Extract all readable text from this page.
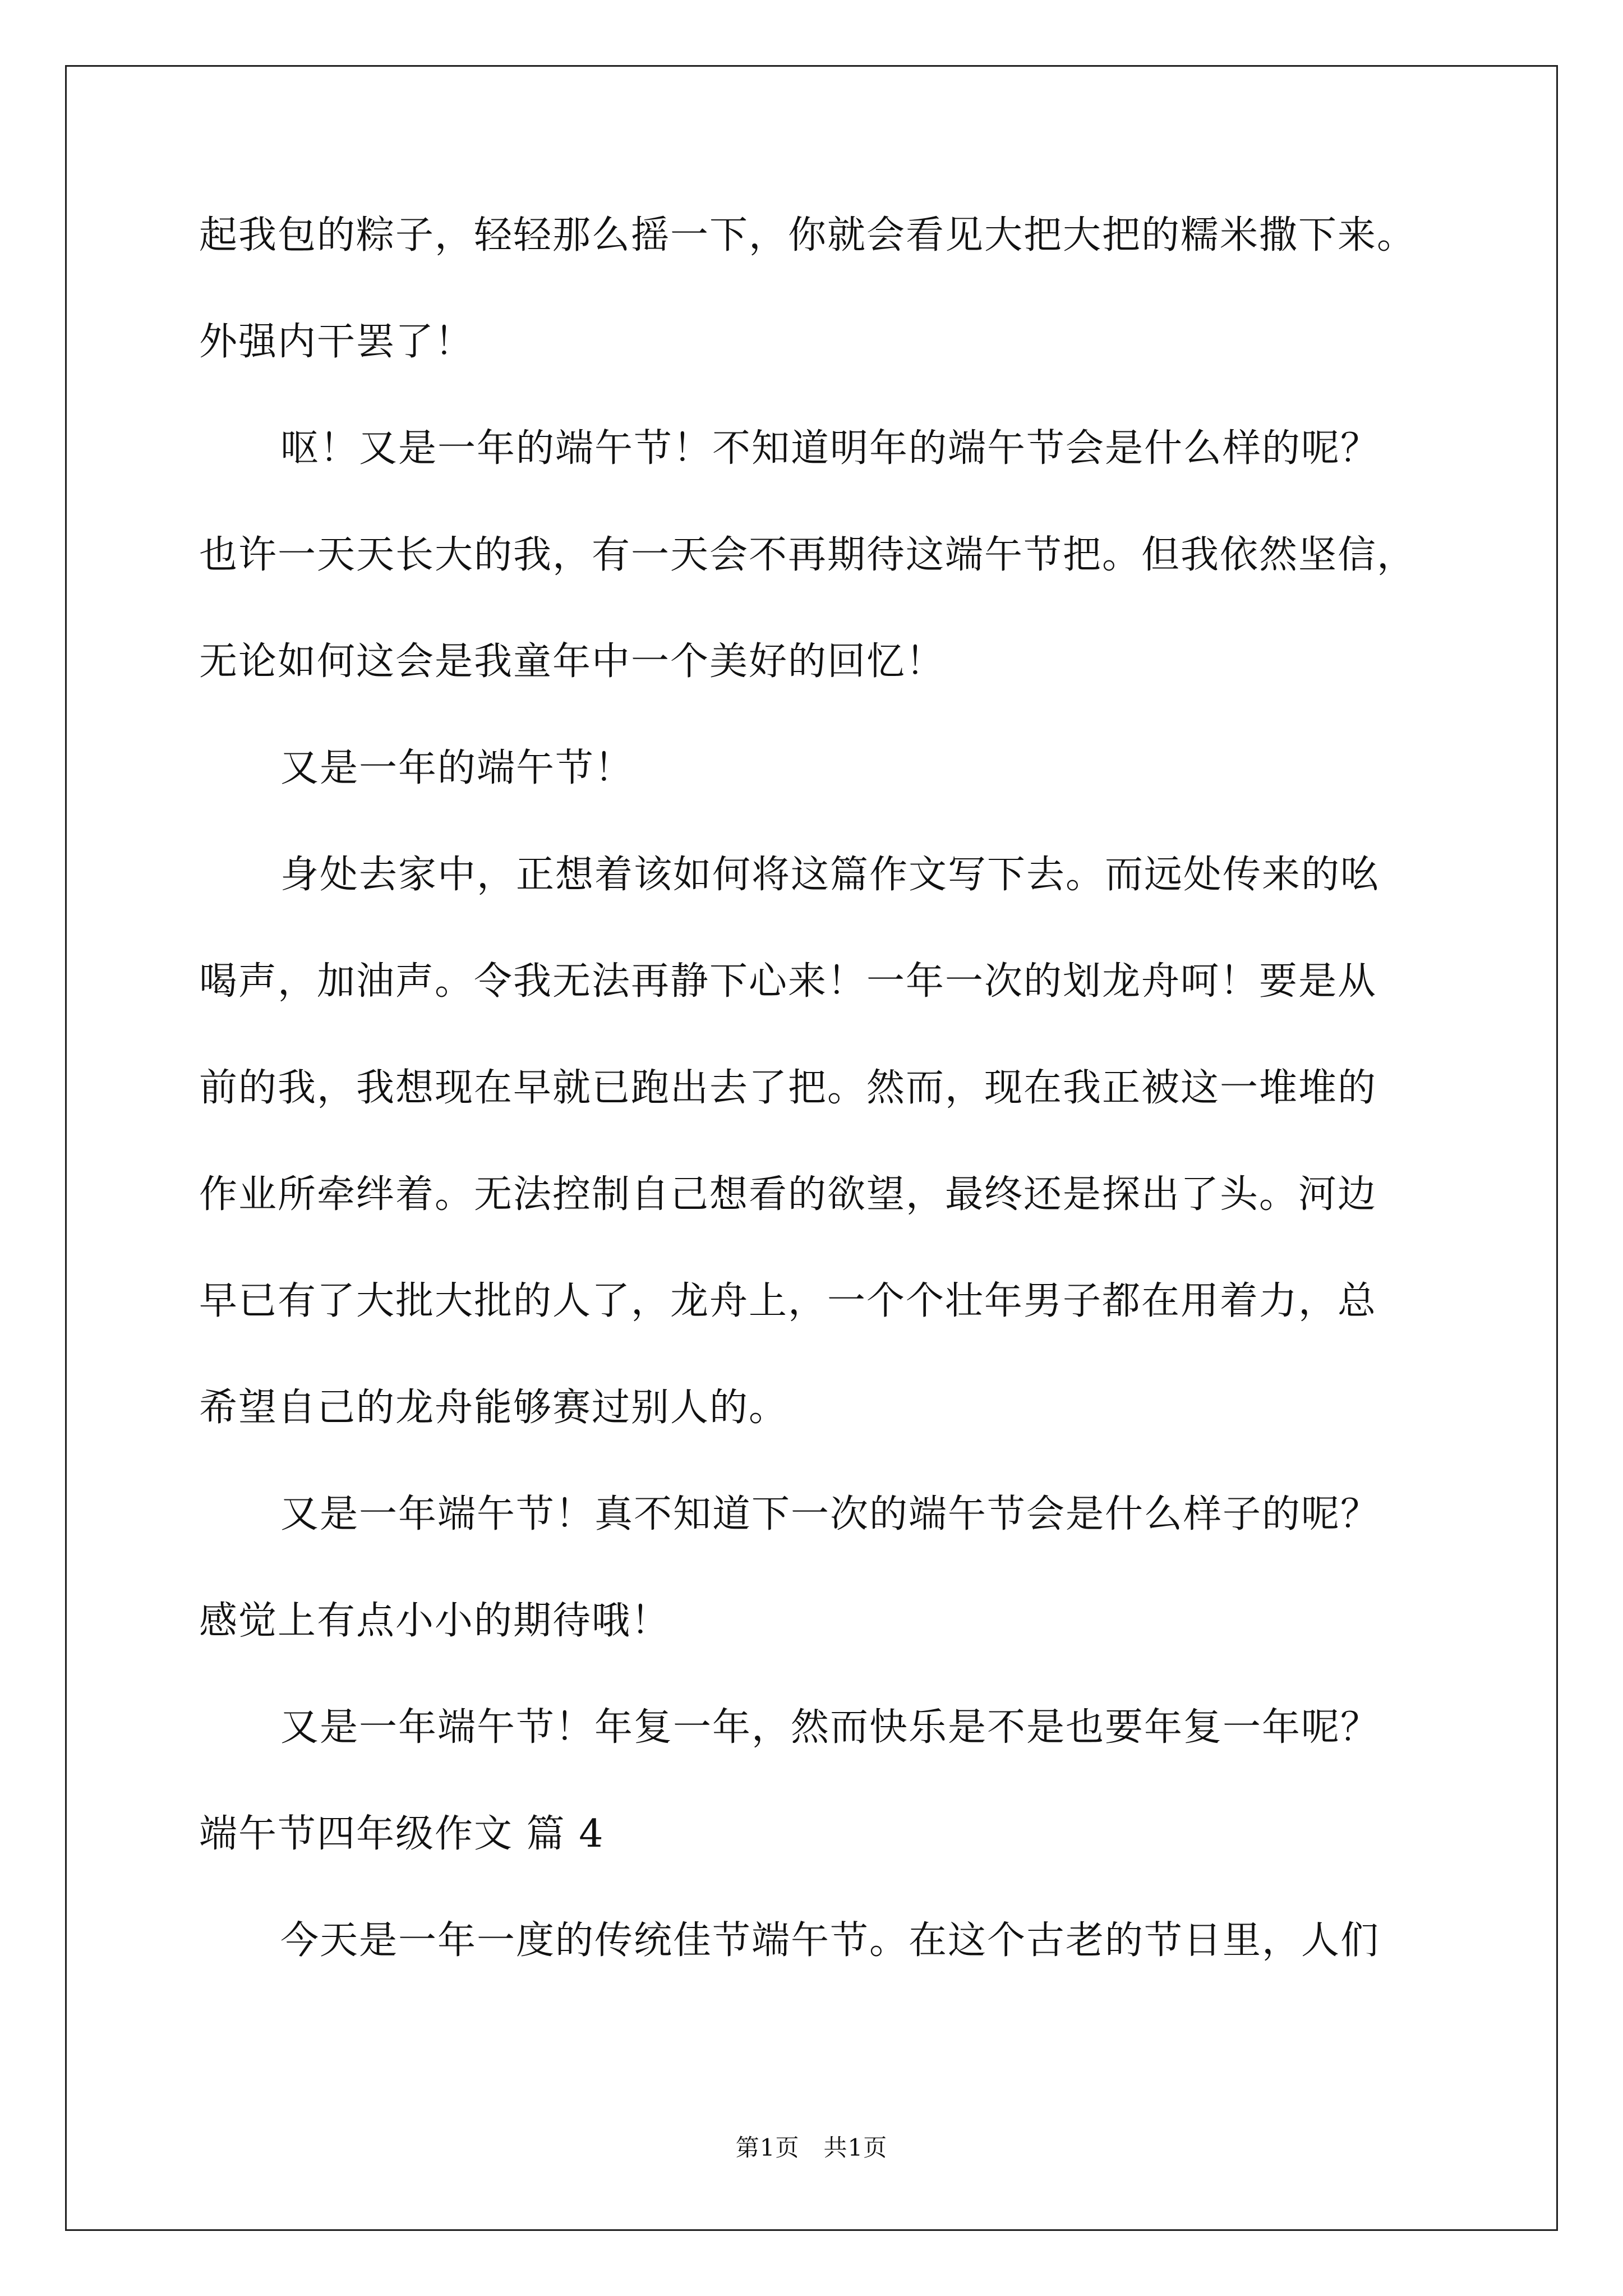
起我包的粽子，轻轻那么摇一下，你就会看见大把大把的糯米撒下来。
外强内干罢了！
呕！又是一年的端午节！不知道明年的端午节会是什么样的呢？
也许一天天长大的我，有一天会不再期待这端午节把。但我依然坚信，
无论如何这会是我童年中一个美好的回忆！
又是一年的端午节！
身处去家中，正想着该如何将这篇作文写下去。而远处传来的吆
喝声，加油声。令我无法再静下心来！一年一次的划龙舟呵！要是从
前的我，我想现在早就已跑出去了把。然而，现在我正被这一堆堆的
作业所牵绊着。无法控制自己想看的欲望，最终还是探出了头。河边
早已有了大批大批的人了，龙舟上，一个个壮年男子都在用着力，总
希望自己的龙舟能够赛过别人的。
又是一年端午节！真不知道下一次的端午节会是什么样子的呢？
感觉上有点小小的期待哦！
又是一年端午节！年复一年，然而快乐是不是也要年复一年呢？
端午节四年级作文 篇 4
今天是一年一度的传统佳节端午节。在这个古老的节日里，人们
第1页　共1页
